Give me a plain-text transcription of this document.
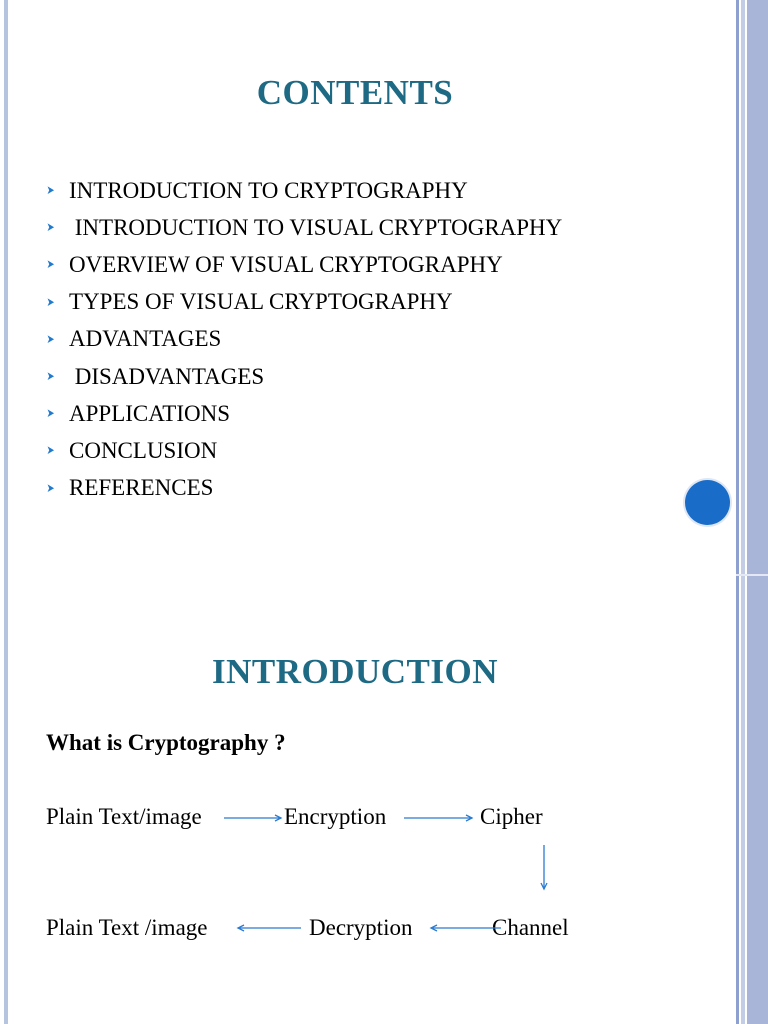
CONTENTS
➤ INTRODUCTION TO CRYPTOGRAPHY
➤ INTRODUCTION TO VISUAL CRYPTOGRAPHY
➤ OVERVIEW OF VISUAL CRYPTOGRAPHY
➤ TYPES OF VISUAL CRYPTOGRAPHY
➤ ADVANTAGES
➤ DISADVANTAGES
➤ APPLICATIONS
➤ CONCLUSION
➤ REFERENCES
INTRODUCTION
What is Cryptography ?
Plain Text/image	Encryption	Cipher
Plain Text /image	Decryption	Channel
